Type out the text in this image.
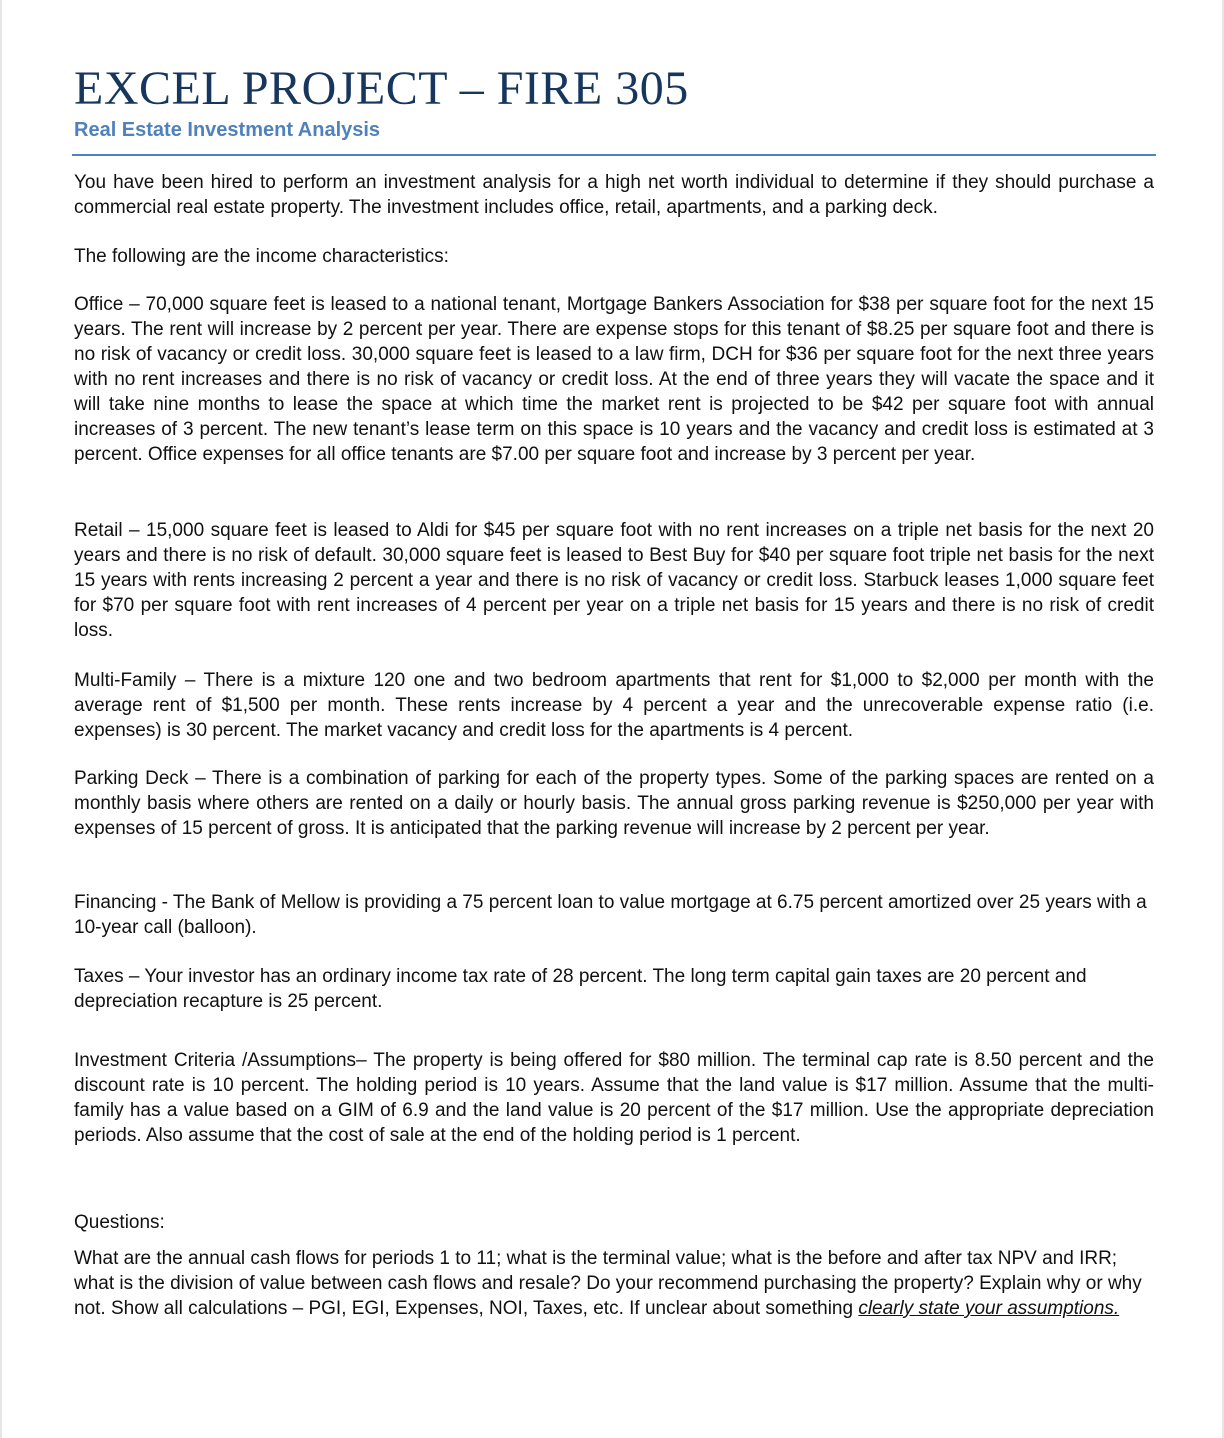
EXCEL PROJECT – FIRE 305
Real Estate Investment Analysis

You have been hired to perform an investment analysis for a high net worth individual to determine if they should purchase a commercial real estate property. The investment includes office, retail, apartments, and a parking deck.

The following are the income characteristics:

Office – 70,000 square feet is leased to a national tenant, Mortgage Bankers Association for $38 per square foot for the next 15 years. The rent will increase by 2 percent per year. There are expense stops for this tenant of $8.25 per square foot and there is no risk of vacancy or credit loss. 30,000 square feet is leased to a law firm, DCH for $36 per square foot for the next three years with no rent increases and there is no risk of vacancy or credit loss. At the end of three years they will vacate the space and it will take nine months to lease the space at which time the market rent is projected to be $42 per square foot with annual increases of 3 percent. The new tenant’s lease term on this space is 10 years and the vacancy and credit loss is estimated at 3 percent. Office expenses for all office tenants are $7.00 per square foot and increase by 3 percent per year.

Retail – 15,000 square feet is leased to Aldi for $45 per square foot with no rent increases on a triple net basis for the next 20 years and there is no risk of default. 30,000 square feet is leased to Best Buy for $40 per square foot triple net basis for the next 15 years with rents increasing 2 percent a year and there is no risk of vacancy or credit loss. Starbuck leases 1,000 square feet for $70 per square foot with rent increases of 4 percent per year on a triple net basis for 15 years and there is no risk of credit loss.

Multi-Family – There is a mixture 120 one and two bedroom apartments that rent for $1,000 to $2,000 per month with the average rent of $1,500 per month. These rents increase by 4 percent a year and the unrecoverable expense ratio (i.e. expenses) is 30 percent. The market vacancy and credit loss for the apartments is 4 percent.

Parking Deck – There is a combination of parking for each of the property types. Some of the parking spaces are rented on a monthly basis where others are rented on a daily or hourly basis. The annual gross parking revenue is $250,000 per year with expenses of 15 percent of gross. It is anticipated that the parking revenue will increase by 2 percent per year.

Financing - The Bank of Mellow is providing a 75 percent loan to value mortgage at 6.75 percent amortized over 25 years with a 10-year call (balloon).

Taxes – Your investor has an ordinary income tax rate of 28 percent. The long term capital gain taxes are 20 percent and depreciation recapture is 25 percent.

Investment Criteria /Assumptions– The property is being offered for $80 million. The terminal cap rate is 8.50 percent and the discount rate is 10 percent. The holding period is 10 years. Assume that the land value is $17 million. Assume that the multi-family has a value based on a GIM of 6.9 and the land value is 20 percent of the $17 million. Use the appropriate depreciation periods. Also assume that the cost of sale at the end of the holding period is 1 percent.

Questions:

What are the annual cash flows for periods 1 to 11; what is the terminal value; what is the before and after tax NPV and IRR; what is the division of value between cash flows and resale? Do your recommend purchasing the property? Explain why or why not. Show all calculations – PGI, EGI, Expenses, NOI, Taxes, etc. If unclear about something clearly state your assumptions.
